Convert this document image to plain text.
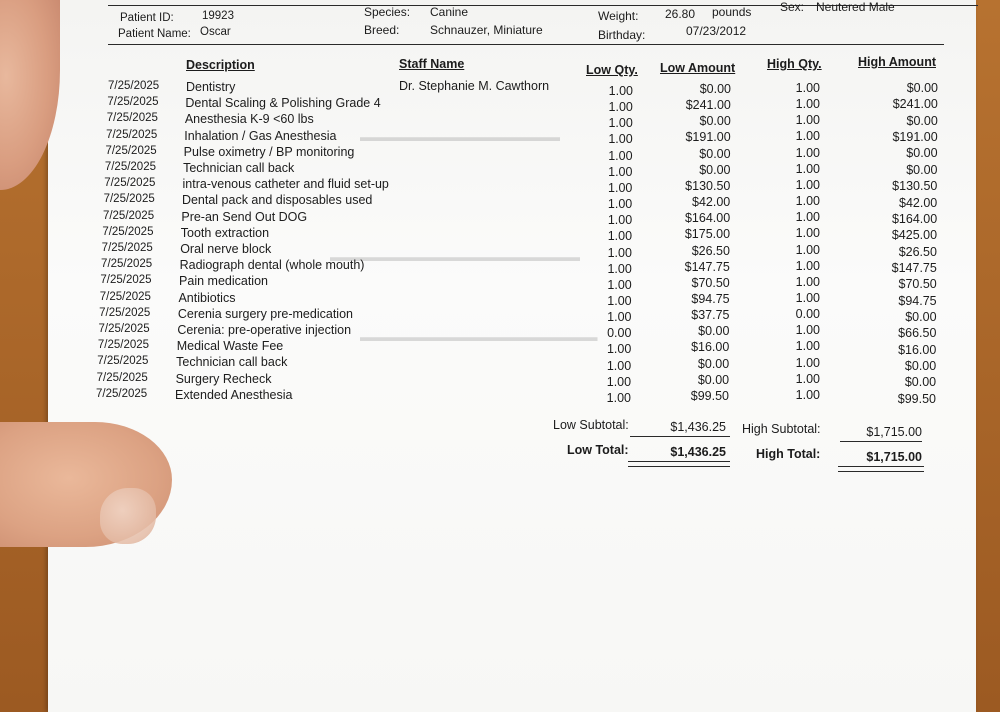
Patient ID: 19923
Patient Name: Oscar
Species: Canine
Breed:	Schnauzer, Miniature
Weight: 26.80 pounds
Birthday:	07/23/2012
Sex: Neutered Male
Description	Staff Name	Low Qty. Low Amount	High Qty.	High Amount
Dr. Stephanie M. Cawthorn
▬▬▬▬▬▬▬▬▬▬▬▬▬▬▬▬
▬▬▬▬▬▬▬▬▬▬▬▬▬▬▬▬▬▬▬▬
▬▬▬▬▬▬▬▬▬▬▬▬▬▬▬▬▬▬▬
7/25/2025 Dentistry	1.00	$0.00	1.00	$0.00
7/25/2025 Dental Scaling & Polishing Grade 4	1.00	$241.00	1.00	$241.00
7/25/2025 Anesthesia K-9 <60 lbs	1.00	$0.00	1.00	$0.00
7/25/2025 Inhalation / Gas Anesthesia	1.00	$191.00	1.00	$191.00
7/25/2025 Pulse oximetry / BP monitoring	1.00	$0.00	1.00	$0.00
7/25/2025 Technician call back	1.00	$0.00	1.00	$0.00
7/25/2025 intra-venous catheter and fluid set-up	1.00	$130.50	1.00	$130.50
7/25/2025 Dental pack and disposables used	1.00	$42.00	1.00	$42.00
7/25/2025 Pre-an Send Out DOG	1.00	$164.00	1.00	$164.00
7/25/2025 Tooth extraction	1.00	$175.00	1.00	$425.00
7/25/2025 Oral nerve block	1.00	$26.50	1.00	$26.50
7/25/2025 Radiograph dental (whole mouth)	1.00	$147.75	1.00	$147.75
7/25/2025 Pain medication	1.00	$70.50	1.00	$70.50
7/25/2025 Antibiotics	1.00	$94.75	1.00	$94.75
7/25/2025 Cerenia surgery pre-medication	1.00	$37.75	0.00	$0.00
7/25/2025 Cerenia: pre-operative injection	0.00	$0.00	1.00	$66.50
7/25/2025 Medical Waste Fee	1.00	$16.00	1.00	$16.00
7/25/2025 Technician call back	1.00	$0.00	1.00	$0.00
7/25/2025 Surgery Recheck	1.00	$0.00	1.00	$0.00
7/25/2025 Extended Anesthesia	1.00	$99.50	1.00	$99.50
Low Subtotal:	$1,436.25 High Subtotal:	$1,715.00
Low Total:	$1,436.25 High Total:	$1,715.00
